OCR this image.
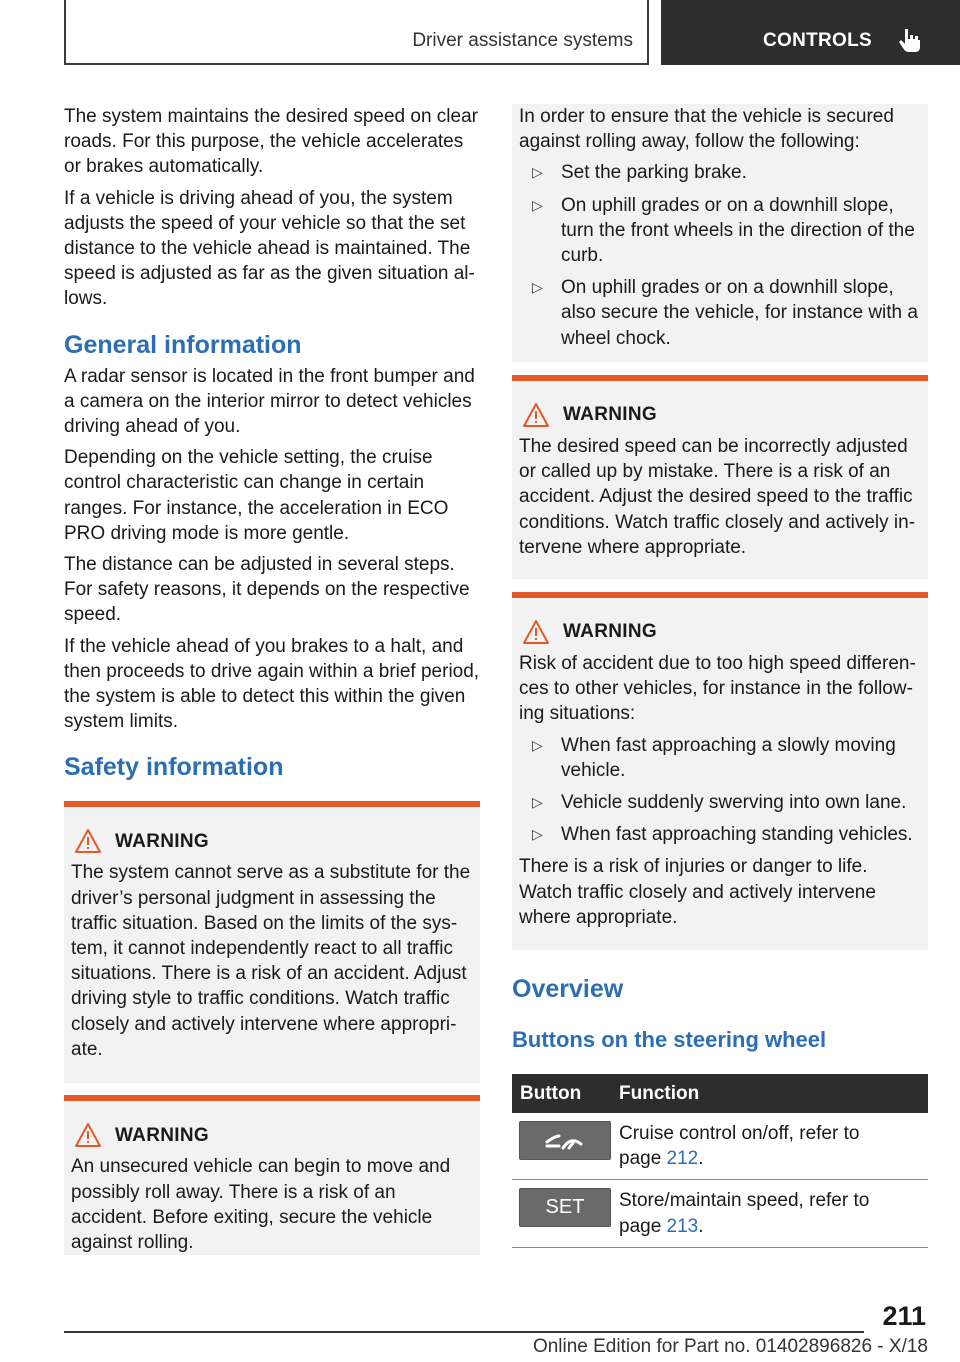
Driver assistance systems	CONTROLS

The system maintains the desired speed on clear roads. For this purpose, the vehicle accelerates or brakes automatically.

If a vehicle is driving ahead of you, the system adjusts the speed of your vehicle so that the set distance to the vehicle ahead is maintained. The speed is adjusted as far as the given situation allows.

General information

A radar sensor is located in the front bumper and a camera on the interior mirror to detect vehicles driving ahead of you.

Depending on the vehicle setting, the cruise control characteristic can change in certain ranges. For instance, the acceleration in ECO PRO driving mode is more gentle.

The distance can be adjusted in several steps. For safety reasons, it depends on the respective speed.

If the vehicle ahead of you brakes to a halt, and then proceeds to drive again within a brief period, the system is able to detect this within the given system limits.

Safety information
WARNING

The system cannot serve as a substitute for the driver’s personal judgment in assessing the traffic situation. Based on the limits of the system, it cannot independently react to all traffic situations. There is a risk of an accident. Adjust driving style to traffic conditions. Watch traffic closely and actively intervene where appropriate.

WARNING

An unsecured vehicle can begin to move and possibly roll away. There is a risk of an accident. Before exiting, secure the vehicle against rolling.

In order to ensure that the vehicle is secured against rolling away, follow the following:

▷ Set the parking brake.
▷ On uphill grades or on a downhill slope, turn the front wheels in the direction of the curb.
▷ On uphill grades or on a downhill slope, also secure the vehicle, for instance with a wheel chock.
WARNING

The desired speed can be incorrectly adjusted or called up by mistake. There is a risk of an accident. Adjust the desired speed to the traffic conditions. Watch traffic closely and actively intervene where appropriate.

WARNING

Risk of accident due to too high speed differences to other vehicles, for instance in the following situations:

▷ When fast approaching a slowly moving vehicle.
▷ Vehicle suddenly swerving into own lane.
▷ When fast approaching standing vehicles.

There is a risk of injuries or danger to life. Watch traffic closely and actively intervene where appropriate.

Overview
Buttons on the steering wheel
Button	Function

	Cruise control on/off, refer to
page 212.

SET	Store/maintain speed, refer to
page 213.
211
Online Edition for Part no. 01402896826 - X/18
